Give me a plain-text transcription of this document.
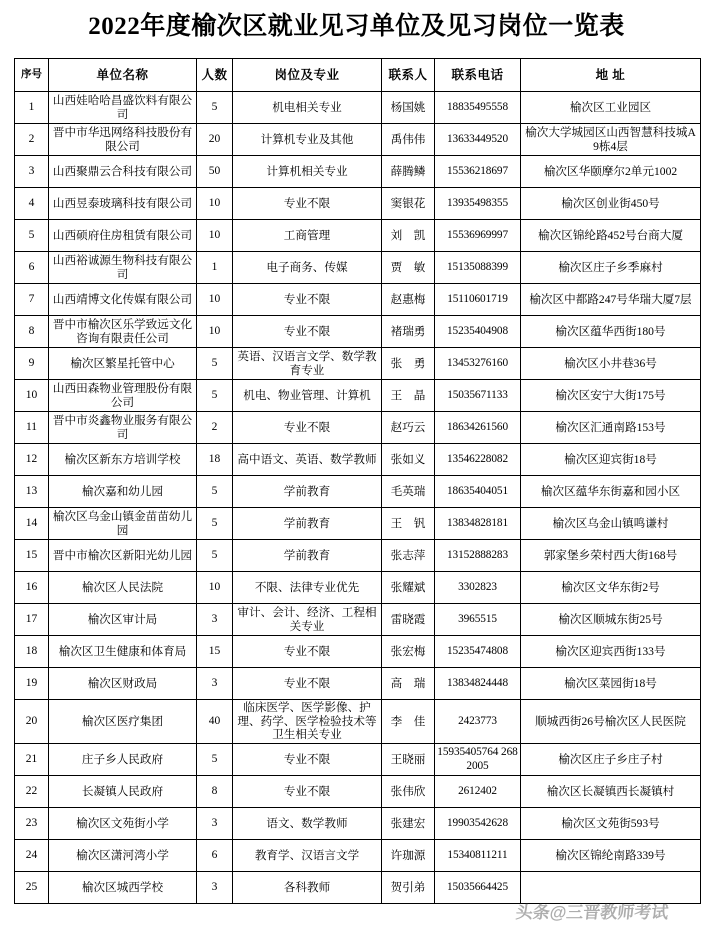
2022年度榆次区就业见习单位及见习岗位一览表
序号	单位名称	人数	岗位及专业	联系人	联系电话	地 址
1	山西娃哈哈昌盛饮料有限公司	5	机电相关专业	杨国姚	18835495558	榆次区工业园区
2	晋中市华迅网络科技股份有限公司	20	计算机专业及其他	禹伟伟	13633449520	榆次大学城园区山西智慧科技城A9栋4层
3	山西聚鼎云合科技有限公司	50	计算机相关专业	薛腾鳞	15536218697	榆次区华颐摩尔2单元1002
4	山西昱泰玻璃科技有限公司	10	专业不限	窦银花	13935498355	榆次区创业街450号
5	山西硕府住房租赁有限公司	10	工商管理	刘　凯	15536969997	榆次区锦纶路452号台商大厦
6	山西裕诚源生物科技有限公司	1	电子商务、传媒	贾　敏	15135088399	榆次区庄子乡季麻村
7	山西靖博文化传媒有限公司	10	专业不限	赵惠梅	15110601719	榆次区中都路247号华瑞大厦7层
8	晋中市榆次区乐学致远文化咨询有限责任公司	10	专业不限	褚瑞勇	15235404908	榆次区蕴华西街180号
9	榆次区繁星托管中心	5	英语、汉语言文学、数学教育专业	张　勇	13453276160	榆次区小井巷36号
10	山西田森物业管理股份有限公司	5	机电、物业管理、计算机	王　晶	15035671133	榆次区安宁大街175号
11	晋中市炎鑫物业服务有限公司	2	专业不限	赵巧云	18634261560	榆次区汇通南路153号
12	榆次区新东方培训学校	18	高中语文、英语、数学教师	张如义	13546228082	榆次区迎宾街18号
13	榆次嘉和幼儿园	5	学前教育	毛英瑞	18635404051	榆次区蕴华东街嘉和园小区
14	榆次区乌金山镇金苗苗幼儿园	5	学前教育	王　钒	13834828181	榆次区乌金山镇鸣谦村
15	晋中市榆次区新阳光幼儿园	5	学前教育	张志萍	13152888283	郭家堡乡荣村西大街168号
16	榆次区人民法院	10	不限、法律专业优先	张耀斌	3302823	榆次区文华东街2号
17	榆次区审计局	3	审计、会计、经济、工程相关专业	雷晓霞	3965515	榆次区顺城东街25号
18	榆次区卫生健康和体育局	15	专业不限	张宏梅	15235474808	榆次区迎宾西街133号
19	榆次区财政局	3	专业不限	高　瑞	13834824448	榆次区菜园街18号
20	榆次区医疗集团	40	临床医学、医学影像、护理、药学、医学检验技术等卫生相关专业	李　佳	2423773	顺城西街26号榆次区人民医院
21	庄子乡人民政府	5	专业不限	王晓丽	15935405764 2682005	榆次区庄子乡庄子村
22	长凝镇人民政府	8	专业不限	张伟欣	2612402	榆次区长凝镇西长凝镇村
23	榆次区文苑街小学	3	语文、数学教师	张建宏	19903542628	榆次区文苑街593号
24	榆次区潇河湾小学	6	教育学、汉语言文学	许珈源	15340811211	榆次区锦纶南路339号
25	榆次区城西学校	3	各科教师	贺引弟	15035664425	
头条@三晋教师考试
